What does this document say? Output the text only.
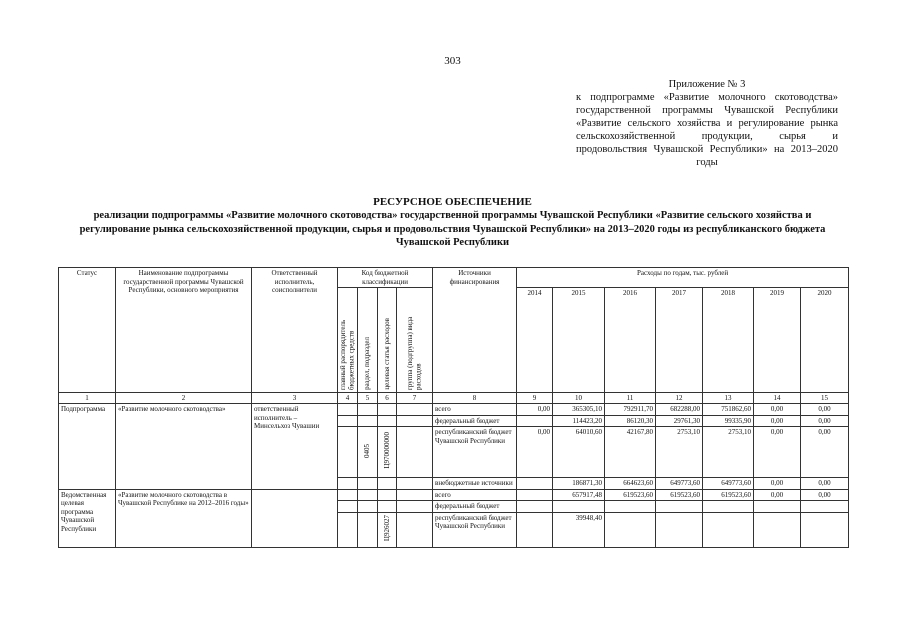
303
Приложение № 3
к подпрограмме «Развитие молочного скотоводства» государственной программы Чувашской Республики «Развитие сельского хозяйства и регулирование рынка сельскохозяйственной продукции, сырья и продовольствия Чувашской Республики» на 2013–2020 годы
РЕСУРСНОЕ ОБЕСПЕЧЕНИЕ
реализации подпрограммы «Развитие молочного скотоводства» государственной программы Чувашской Республики «Развитие сельского хозяйства и регулирование рынка сельскохозяйственной продукции, сырья и продовольствия Чувашской Республики» на 2013–2020 годы из республиканского бюджета Чувашской Республики
Статус	Наименование подпрограммы государственной программы Чувашской Республики, основного мероприятия	Ответственный исполнитель, соисполнители	Код бюджетной классификации				Источники финансирования	Расходы по годам, тыс. рублей						
			главный распорядитель бюджетных средств	раздел, подраздел	целевая статья расходов	группа (подгруппа) вида расходов		2014	2015	2016	2017	2018	2019	2020
1	2	3	4	5	6	7	8	9	10	11	12	13	14	15
Подпрограмма	«Развитие молочного скотоводства»	ответственный исполнитель – Минсельхоз Чувашии					всего	0,00	365305,10	792911,70	682288,00	751862,60	0,00	0,00
							федеральный бюджет		114423,20	86120,30	29761,30	99335,90	0,00	0,00
				0405	Ц970000000		республиканский бюджет Чувашской Республики	0,00	64010,60	42167,80	2753,10	2753,10	0,00	0,00
							внебюджетные источники		186871,30	664623,60	649773,60	649773,60	0,00	0,00
Ведомственная целевая программа Чувашской Республики	«Развитие молочного скотоводства в Чувашской Республике на 2012–2016 годы»						всего		657917,48	619523,60	619523,60	619523,60	0,00	0,00
							федеральный бюджет							
					Ц926027		республиканский бюджет Чувашской Республики		39948,40					
